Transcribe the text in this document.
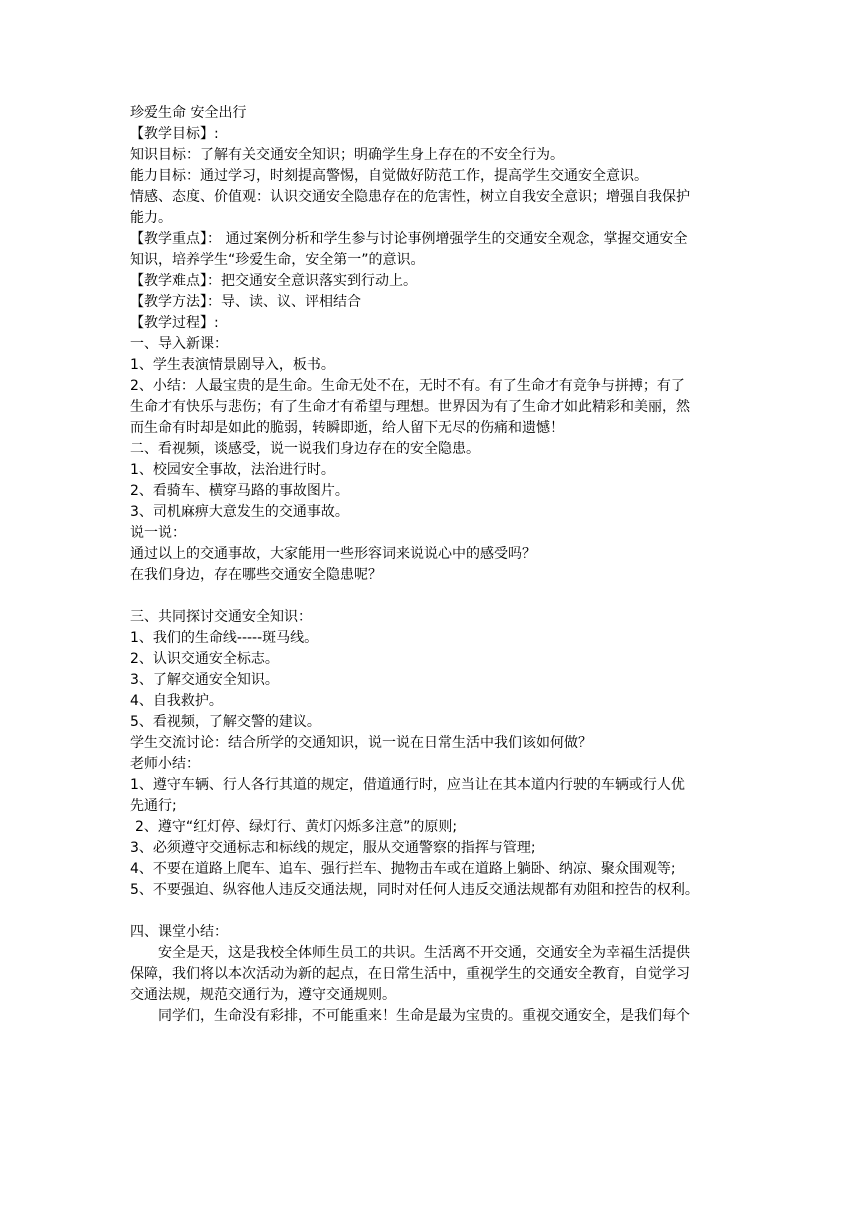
珍爱生命 安全出行
【教学目标】:
知识目标：了解有关交通安全知识；明确学生身上存在的不安全行为。
能力目标：通过学习，时刻提高警惕，自觉做好防范工作，提高学生交通安全意识。
情感、态度、价值观：认识交通安全隐患存在的危害性，树立自我安全意识；增强自我保护
能力。
【教学重点】： 通过案例分析和学生参与讨论事例增强学生的交通安全观念，掌握交通安全
知识，培养学生“珍爱生命，安全第一”的意识。
【教学难点】：把交通安全意识落实到行动上。
【教学方法】：导、读、议、评相结合
【教学过程】:
一、导入新课：
1、学生表演情景剧导入，板书。
2、小结：人最宝贵的是生命。生命无处不在，无时不有。有了生命才有竞争与拼搏；有了
生命才有快乐与悲伤；有了生命才有希望与理想。世界因为有了生命才如此精彩和美丽，然
而生命有时却是如此的脆弱，转瞬即逝，给人留下无尽的伤痛和遗憾！
二、看视频，谈感受，说一说我们身边存在的安全隐患。
1、校园安全事故，法治进行时。
2、看骑车、横穿马路的事故图片。
3、司机麻痹大意发生的交通事故。
说一说：
通过以上的交通事故，大家能用一些形容词来说说心中的感受吗？
在我们身边，存在哪些交通安全隐患呢？
三、共同探讨交通安全知识：
1、我们的生命线-----斑马线。
2、认识交通安全标志。
3、了解交通安全知识。
4、自我救护。
5、看视频，了解交警的建议。
学生交流讨论：结合所学的交通知识，说一说在日常生活中我们该如何做？
老师小结：
1、遵守车辆、行人各行其道的规定，借道通行时，应当让在其本道内行驶的车辆或行人优
先通行;
2、遵守“红灯停、绿灯行、黄灯闪烁多注意”的原则;
3、必须遵守交通标志和标线的规定，服从交通警察的指挥与管理;
4、不要在道路上爬车、追车、强行拦车、抛物击车或在道路上躺卧、纳凉、聚众围观等;
5、不要强迫、纵容他人违反交通法规，同时对任何人违反交通法规都有劝阻和控告的权利。
四、课堂小结：
安全是天，这是我校全体师生员工的共识。生活离不开交通，交通安全为幸福生活提供
保障，我们将以本次活动为新的起点，在日常生活中，重视学生的交通安全教育，自觉学习
交通法规，规范交通行为，遵守交通规则。
同学们，生命没有彩排，不可能重来！生命是最为宝贵的。重视交通安全，是我们每个
